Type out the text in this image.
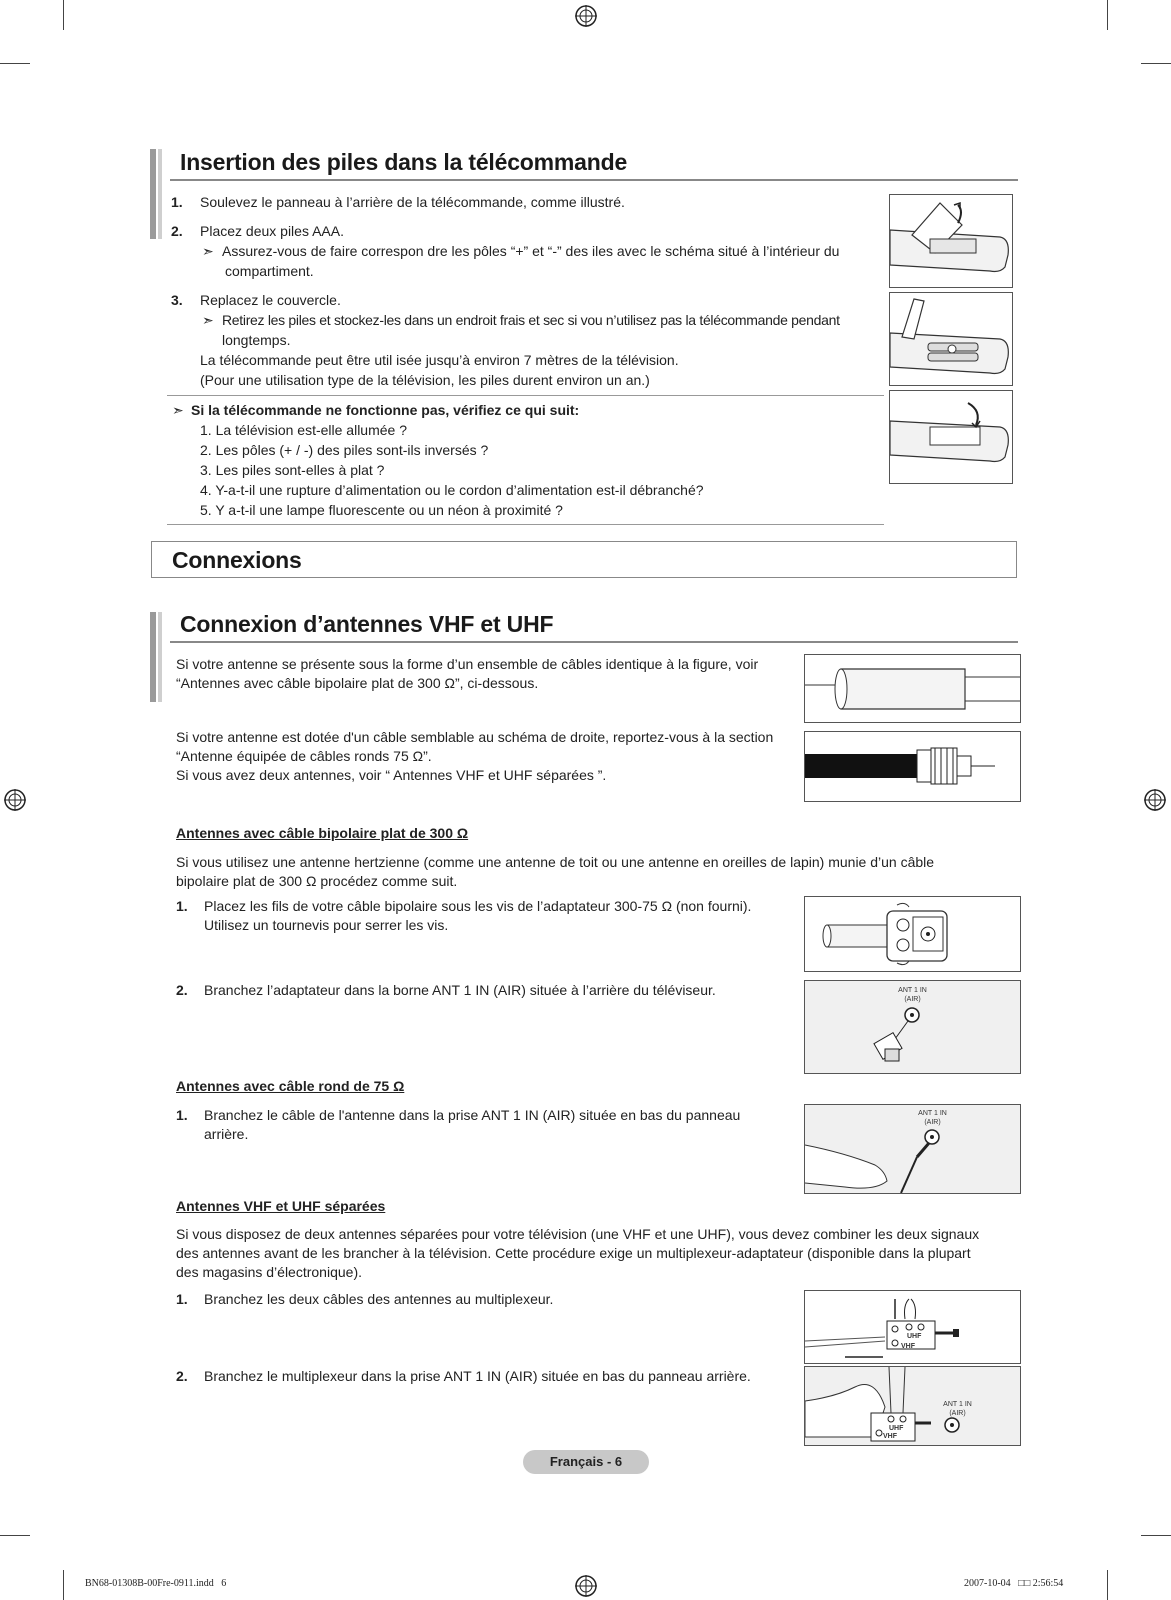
Insertion des piles dans la télécommande
1. Soulevez le panneau à l’arrière de la télécommande, comme illustré.
2. Placez deux piles AAA.
➣ Assurez-vous de faire correspon dre les pôles “+” et “-” des iles avec le schéma situé à l’intérieur du
compartiment.
3. Replacez le couvercle.
➣ Retirez les piles et stockez-les dans un endroit frais et sec si vou n’utilisez pas la télécommande pendant
longtemps.
La télécommande peut être util isée jusqu’à environ 7 mètres de la télévision.
(Pour une utilisation type de la télévision, les piles durent environ un an.)
➣ Si la télécommande ne fonctionne pas, vérifiez ce qui suit:
1. La télévision est-elle allumée ?
2. Les pôles (+ / -) des piles sont-ils inversés ?
3. Les piles sont-elles à plat ?
4. Y-a-t-il une rupture d’alimentation ou le cordon d’alimentation est-il débranché?
5. Y a-t-il une lampe fluorescente ou un néon à proximité ?
Connexions
Connexion d’antennes VHF et UHF
Si votre antenne se présente sous la forme d’un ensemble de câbles identique à la figure, voir
“Antennes avec câble bipolaire plat de 300 Ω”, ci-dessous.
Si votre antenne est dotée d'un câble semblable au schéma de droite, reportez-vous à la section
“Antenne équipée de câbles ronds 75 Ω”.
Si vous avez deux antennes, voir “ Antennes VHF et UHF séparées ”.
Antennes avec câble bipolaire plat de 300 Ω
Si vous utilisez une antenne hertzienne (comme une antenne de toit ou une antenne en oreilles de lapin) munie d’un câble
bipolaire plat de 300 Ω procédez comme suit.
1. Placez les fils de votre câble bipolaire sous les vis de l’adaptateur 300-75 Ω (non fourni).
Utilisez un tournevis pour serrer les vis.
2. Branchez l’adaptateur dans la borne ANT 1 IN (AIR) située à l’arrière du téléviseur.	ANT 1 IN
(AIR)
Antennes avec câble rond de 75 Ω
1. Branchez le câble de l'antenne dans la prise ANT 1 IN (AIR) située en bas du panneau
arrière.
ANT 1 IN
(AIR)
Antennes VHF et UHF séparées
Si vous disposez de deux antennes séparées pour votre télévision (une VHF et une UHF), vous devez combiner les deux signaux
des antennes avant de les brancher à la télévision. Cette procédure exige un multiplexeur-adaptateur (disponible dans la plupart
des magasins d’électronique).
1. Branchez les deux câbles des antennes au multiplexeur.
UHF
VHF
2. Branchez le multiplexeur dans la prise ANT 1 IN (AIR) située en bas du panneau arrière.
ANT 1 IN
(AIR)
UHF
VHF
Français - 6
BN68-01308B-00Fre-0911.indd   6	2007-10-04   □□ 2:56:54
